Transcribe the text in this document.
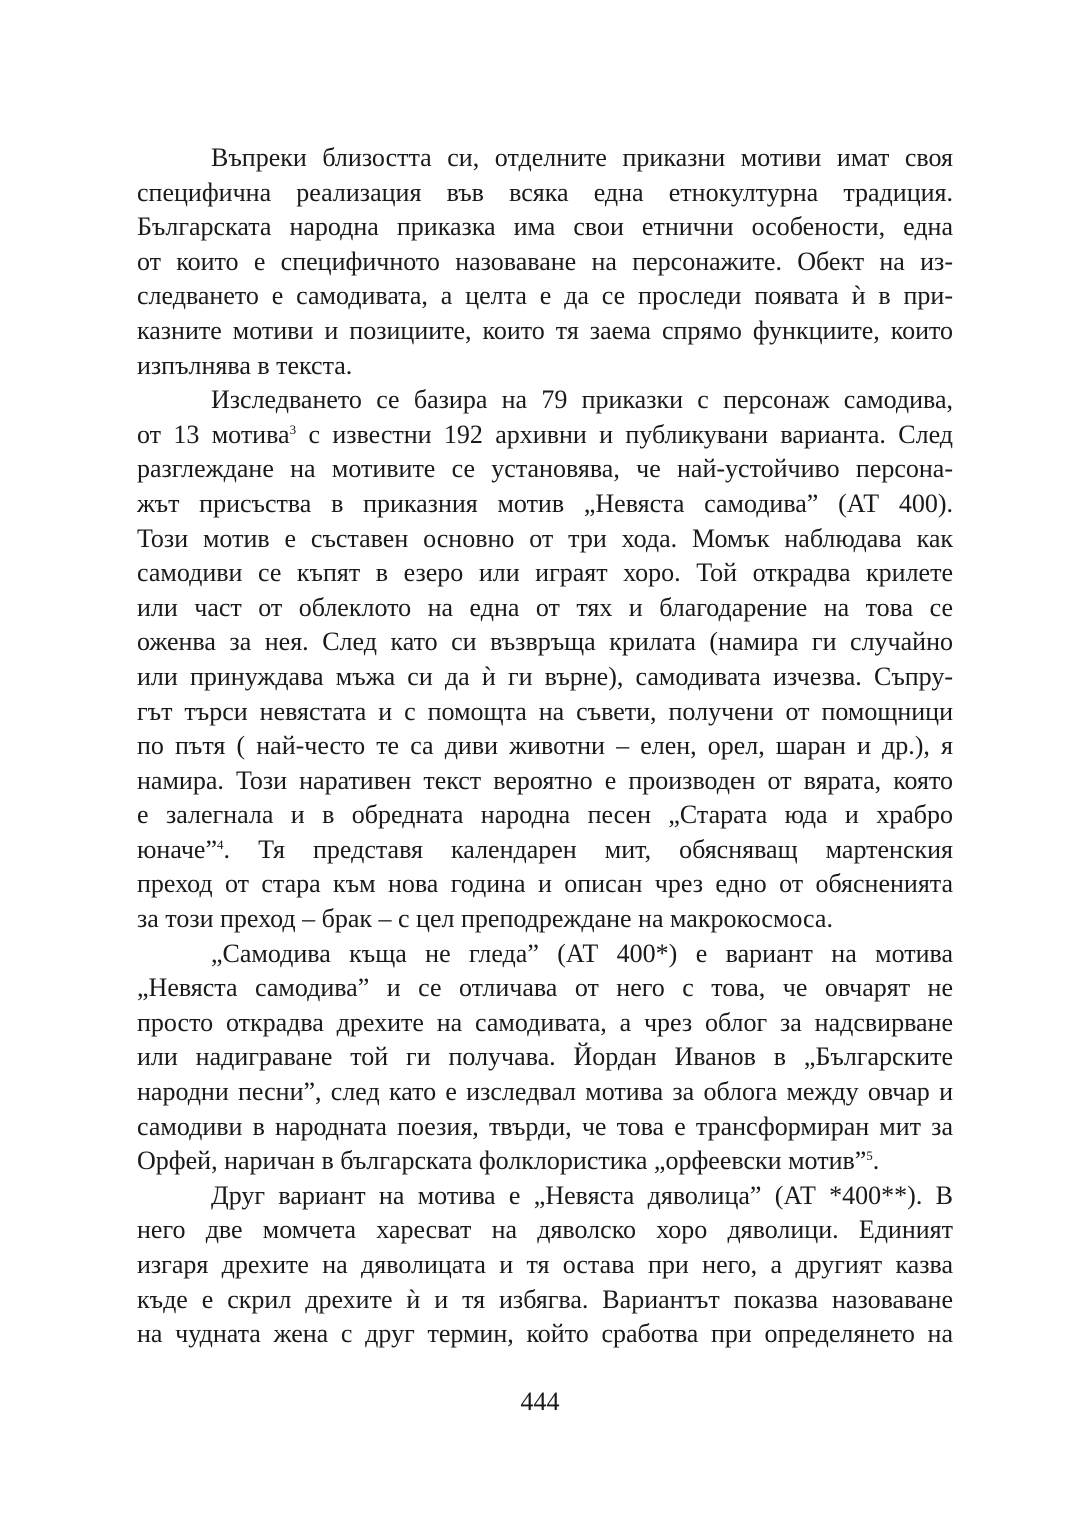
Въпреки близостта си, отделните приказни мотиви имат своя
специфична реализация във всяка една етнокултурна традиция.
Българската народна приказка има свои етнични особености, една
от които е специфичното назоваване на персонажите. Обект на из-
следването е самодивата, а целта е да се проследи появата ѝ в при-
казните мотиви и позициите, които тя заема спрямо функциите, които
изпълнява в текста.
Изследването се базира на 79 приказки с персонаж самодива,
от 13 мотива$^3$ с известни 192 архивни и публикувани варианта. След
разглеждане на мотивите се установява, че най-устойчиво персона-
жът присъства в приказния мотив „Невяста самодива” (АТ 400).
Този мотив е съставен основно от три хода. Момък наблюдава как
самодиви се къпят в езеро или играят хоро. Той открадва крилете
или част от облеклото на една от тях и благодарение на това се
оженва за нея. След като си възвръща крилата (намира ги случайно
или принуждава мъжа си да ѝ ги върне), самодивата изчезва. Съпру-
гът търси невястата и с помощта на съвети, получени от помощници
по пътя ( най-често те са диви животни – елен, орел, шаран и др.), я
намира. Този наративен текст вероятно е производен от вярата, която
е залегнала и в обредната народна песен „Старата юда и храбро
юначе”$^4$. Тя представя календарен мит, обясняващ мартенския
преход от стара към нова година и описан чрез едно от обясненията
за този преход – брак – с цел преподреждане на макрокосмоса.
„Самодива къща не гледа” (АТ 400*) е вариант на мотива
„Невяста самодива” и се отличава от него с това, че овчарят не
просто открадва дрехите на самодивата, а чрез облог за надсвирване
или надиграване той ги получава. Йордан Иванов в „Българските
народни песни”, след като е изследвал мотива за облога между овчар и
самодиви в народната поезия, твърди, че това е трансформиран мит за
Орфей, наричан в българската фолклористика „орфеевски мотив”$^5$.
Друг вариант на мотива е „Невяста дяволица” (АТ *400**). В
него две момчета харесват на дяволско хоро дяволици. Единият
изгаря дрехите на дяволицата и тя остава при него, а другият казва
къде е скрил дрехите ѝ и тя избягва. Вариантът показва назоваване
на чудната жена с друг термин, който сработва при определянето на
444
